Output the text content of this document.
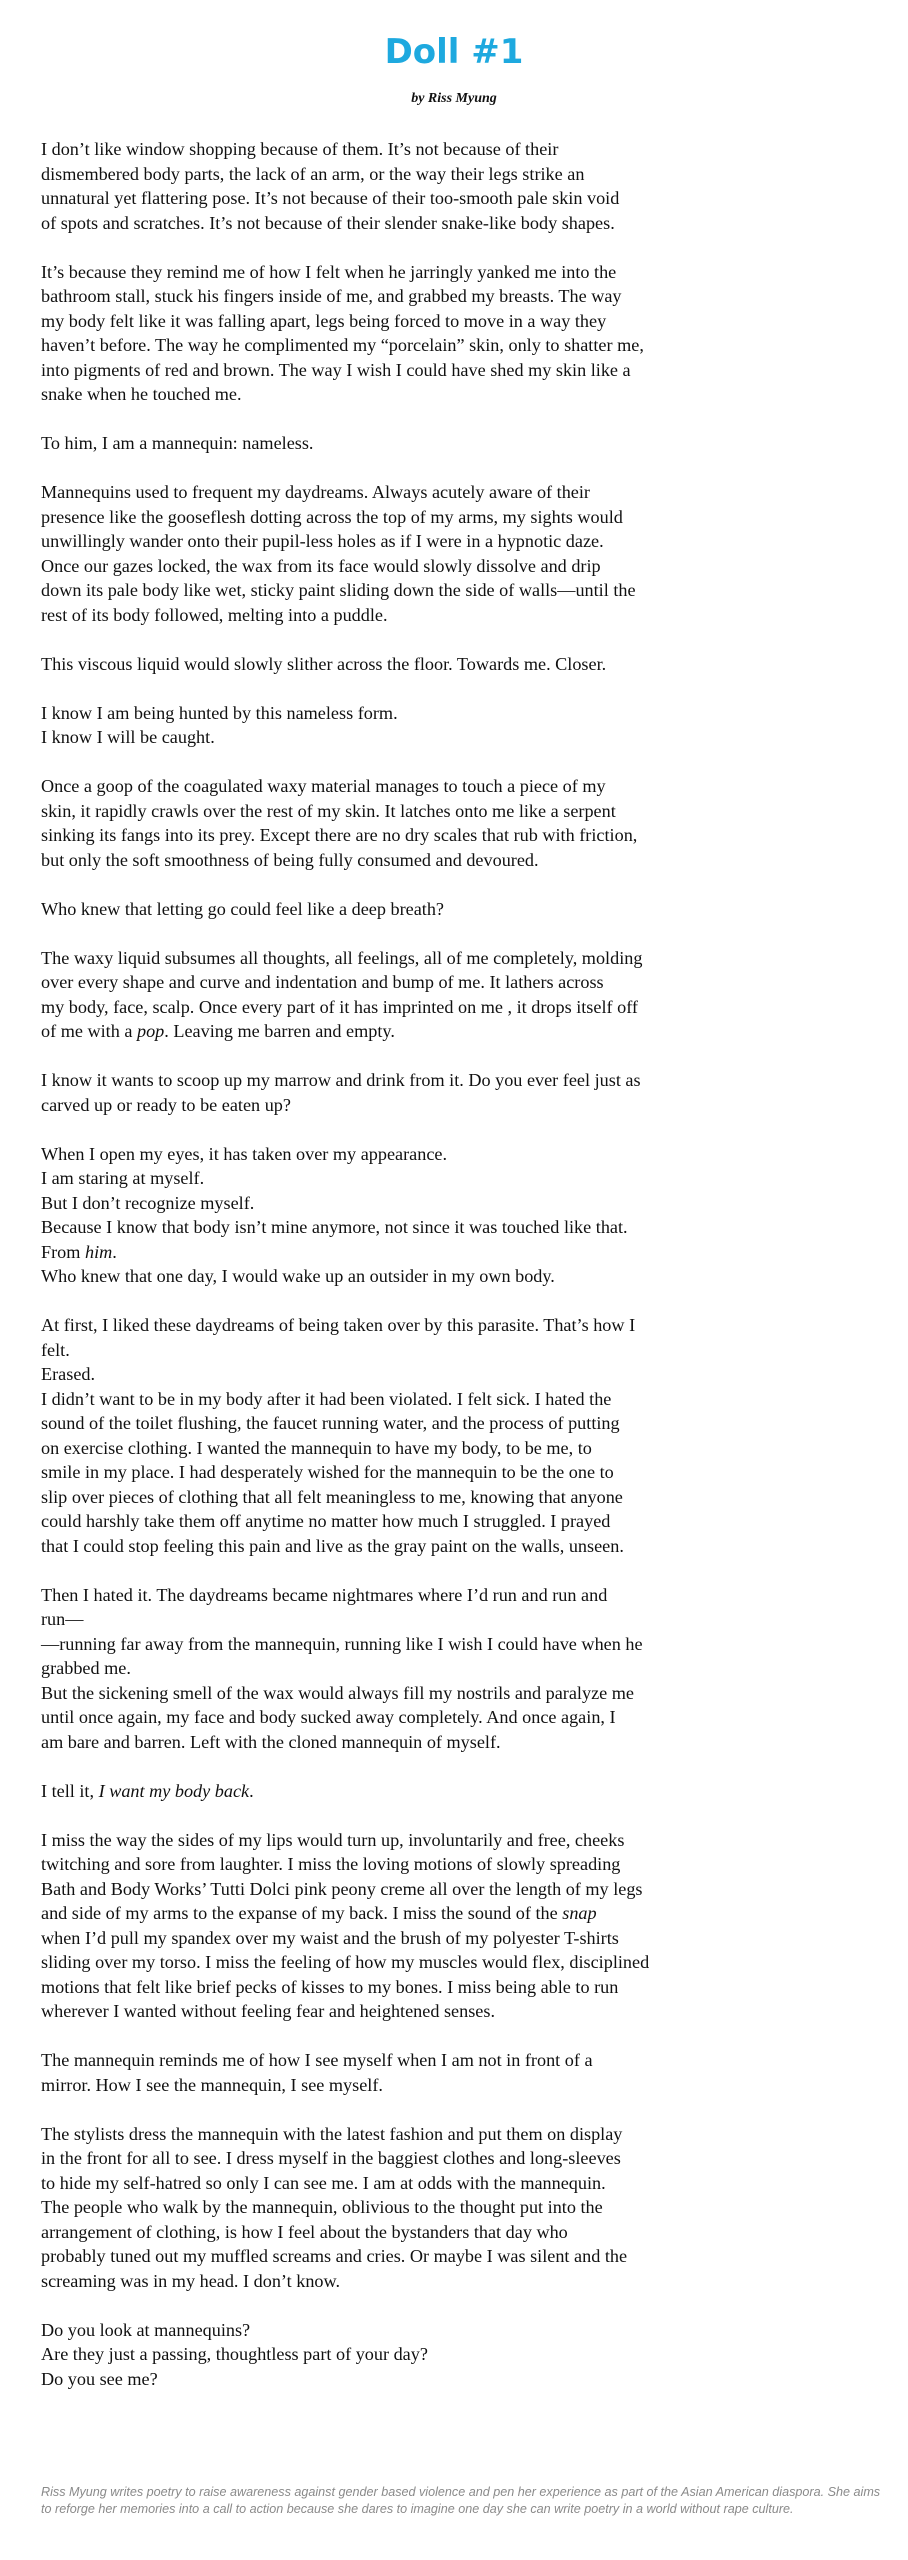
Doll #1
by Riss Myung

I don’t like window shopping because of them. It’s not because of their
dismembered body parts, the lack of an arm, or the way their legs strike an
unnatural yet flattering pose. It’s not because of their too-smooth pale skin void
of spots and scratches. It’s not because of their slender snake-like body shapes.

It’s because they remind me of how I felt when he jarringly yanked me into the
bathroom stall, stuck his fingers inside of me, and grabbed my breasts. The way
my body felt like it was falling apart, legs being forced to move in a way they
haven’t before. The way he complimented my “porcelain” skin, only to shatter me,
into pigments of red and brown. The way I wish I could have shed my skin like a
snake when he touched me.

To him, I am a mannequin: nameless.

Mannequins used to frequent my daydreams. Always acutely aware of their
presence like the gooseflesh dotting across the top of my arms, my sights would
unwillingly wander onto their pupil-less holes as if I were in a hypnotic daze.
Once our gazes locked, the wax from its face would slowly dissolve and drip
down its pale body like wet, sticky paint sliding down the side of walls—until the
rest of its body followed, melting into a puddle.

This viscous liquid would slowly slither across the floor. Towards me. Closer.

I know I am being hunted by this nameless form.
I know I will be caught.

Once a goop of the coagulated waxy material manages to touch a piece of my
skin, it rapidly crawls over the rest of my skin. It latches onto me like a serpent
sinking its fangs into its prey. Except there are no dry scales that rub with friction,
but only the soft smoothness of being fully consumed and devoured.

Who knew that letting go could feel like a deep breath?

The waxy liquid subsumes all thoughts, all feelings, all of me completely, molding
over every shape and curve and indentation and bump of me. It lathers across
my body, face, scalp. Once every part of it has imprinted on me , it drops itself off
of me with a pop. Leaving me barren and empty.

I know it wants to scoop up my marrow and drink from it. Do you ever feel just as
carved up or ready to be eaten up?

When I open my eyes, it has taken over my appearance.
I am staring at myself.
But I don’t recognize myself.
Because I know that body isn’t mine anymore, not since it was touched like that.
From him.
Who knew that one day, I would wake up an outsider in my own body.

At first, I liked these daydreams of being taken over by this parasite. That’s how I
felt.
Erased.
I didn’t want to be in my body after it had been violated. I felt sick. I hated the
sound of the toilet flushing, the faucet running water, and the process of putting
on exercise clothing. I wanted the mannequin to have my body, to be me, to
smile in my place. I had desperately wished for the mannequin to be the one to
slip over pieces of clothing that all felt meaningless to me, knowing that anyone
could harshly take them off anytime no matter how much I struggled. I prayed
that I could stop feeling this pain and live as the gray paint on the walls, unseen.

Then I hated it. The daydreams became nightmares where I’d run and run and
run—
—running far away from the mannequin, running like I wish I could have when he
grabbed me.
But the sickening smell of the wax would always fill my nostrils and paralyze me
until once again, my face and body sucked away completely. And once again, I
am bare and barren. Left with the cloned mannequin of myself.

I tell it, I want my body back.

I miss the way the sides of my lips would turn up, involuntarily and free, cheeks
twitching and sore from laughter. I miss the loving motions of slowly spreading
Bath and Body Works’ Tutti Dolci pink peony creme all over the length of my legs
and side of my arms to the expanse of my back. I miss the sound of the snap
when I’d pull my spandex over my waist and the brush of my polyester T-shirts
sliding over my torso. I miss the feeling of how my muscles would flex, disciplined
motions that felt like brief pecks of kisses to my bones. I miss being able to run
wherever I wanted without feeling fear and heightened senses.

The mannequin reminds me of how I see myself when I am not in front of a
mirror. How I see the mannequin, I see myself.

The stylists dress the mannequin with the latest fashion and put them on display
in the front for all to see. I dress myself in the baggiest clothes and long-sleeves
to hide my self-hatred so only I can see me. I am at odds with the mannequin.
The people who walk by the mannequin, oblivious to the thought put into the
arrangement of clothing, is how I feel about the bystanders that day who
probably tuned out my muffled screams and cries. Or maybe I was silent and the
screaming was in my head. I don’t know.

Do you look at mannequins?
Are they just a passing, thoughtless part of your day?
Do you see me?

Riss Myung writes poetry to raise awareness against gender based violence and pen her experience as part of the Asian American diaspora. She aims to reforge her memories into a call to action because she dares to imagine one day she can write poetry in a world without rape culture.
